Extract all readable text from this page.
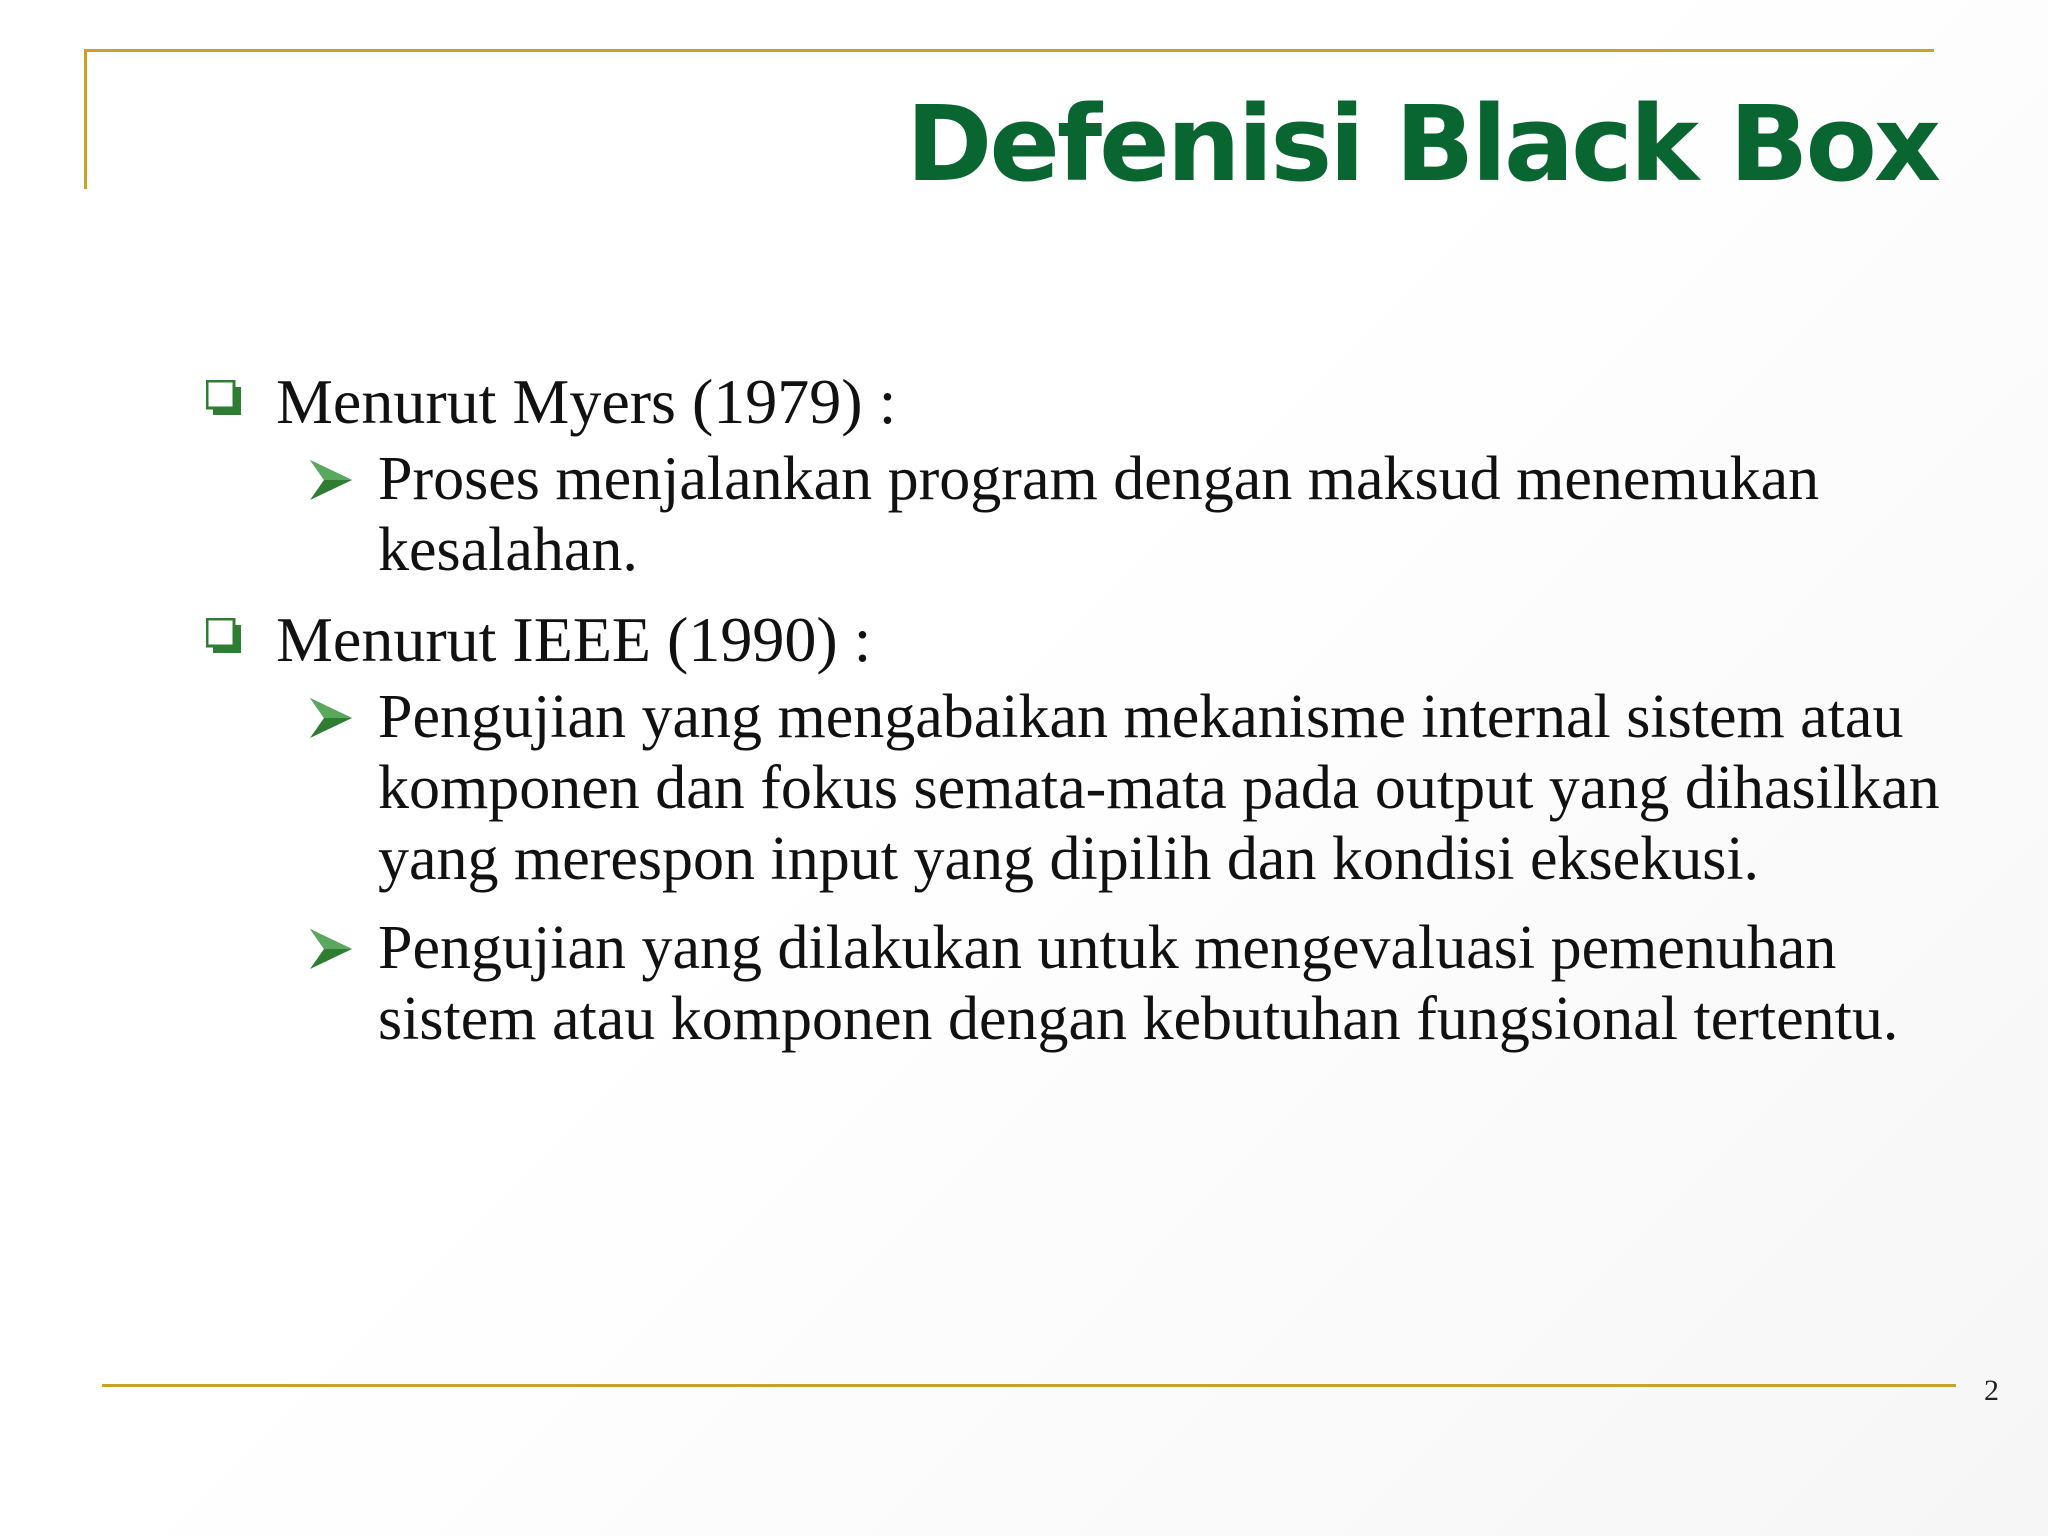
Defenisi Black Box
Menurut Myers (1979) :
Proses menjalankan program dengan maksud menemukan kesalahan.
Menurut IEEE (1990) :
Pengujian yang mengabaikan mekanisme internal sistem atau komponen dan fokus semata-mata pada output yang dihasilkan yang merespon input yang dipilih dan kondisi eksekusi.
Pengujian yang dilakukan untuk mengevaluasi pemenuhan sistem atau komponen dengan kebutuhan fungsional tertentu.
2
